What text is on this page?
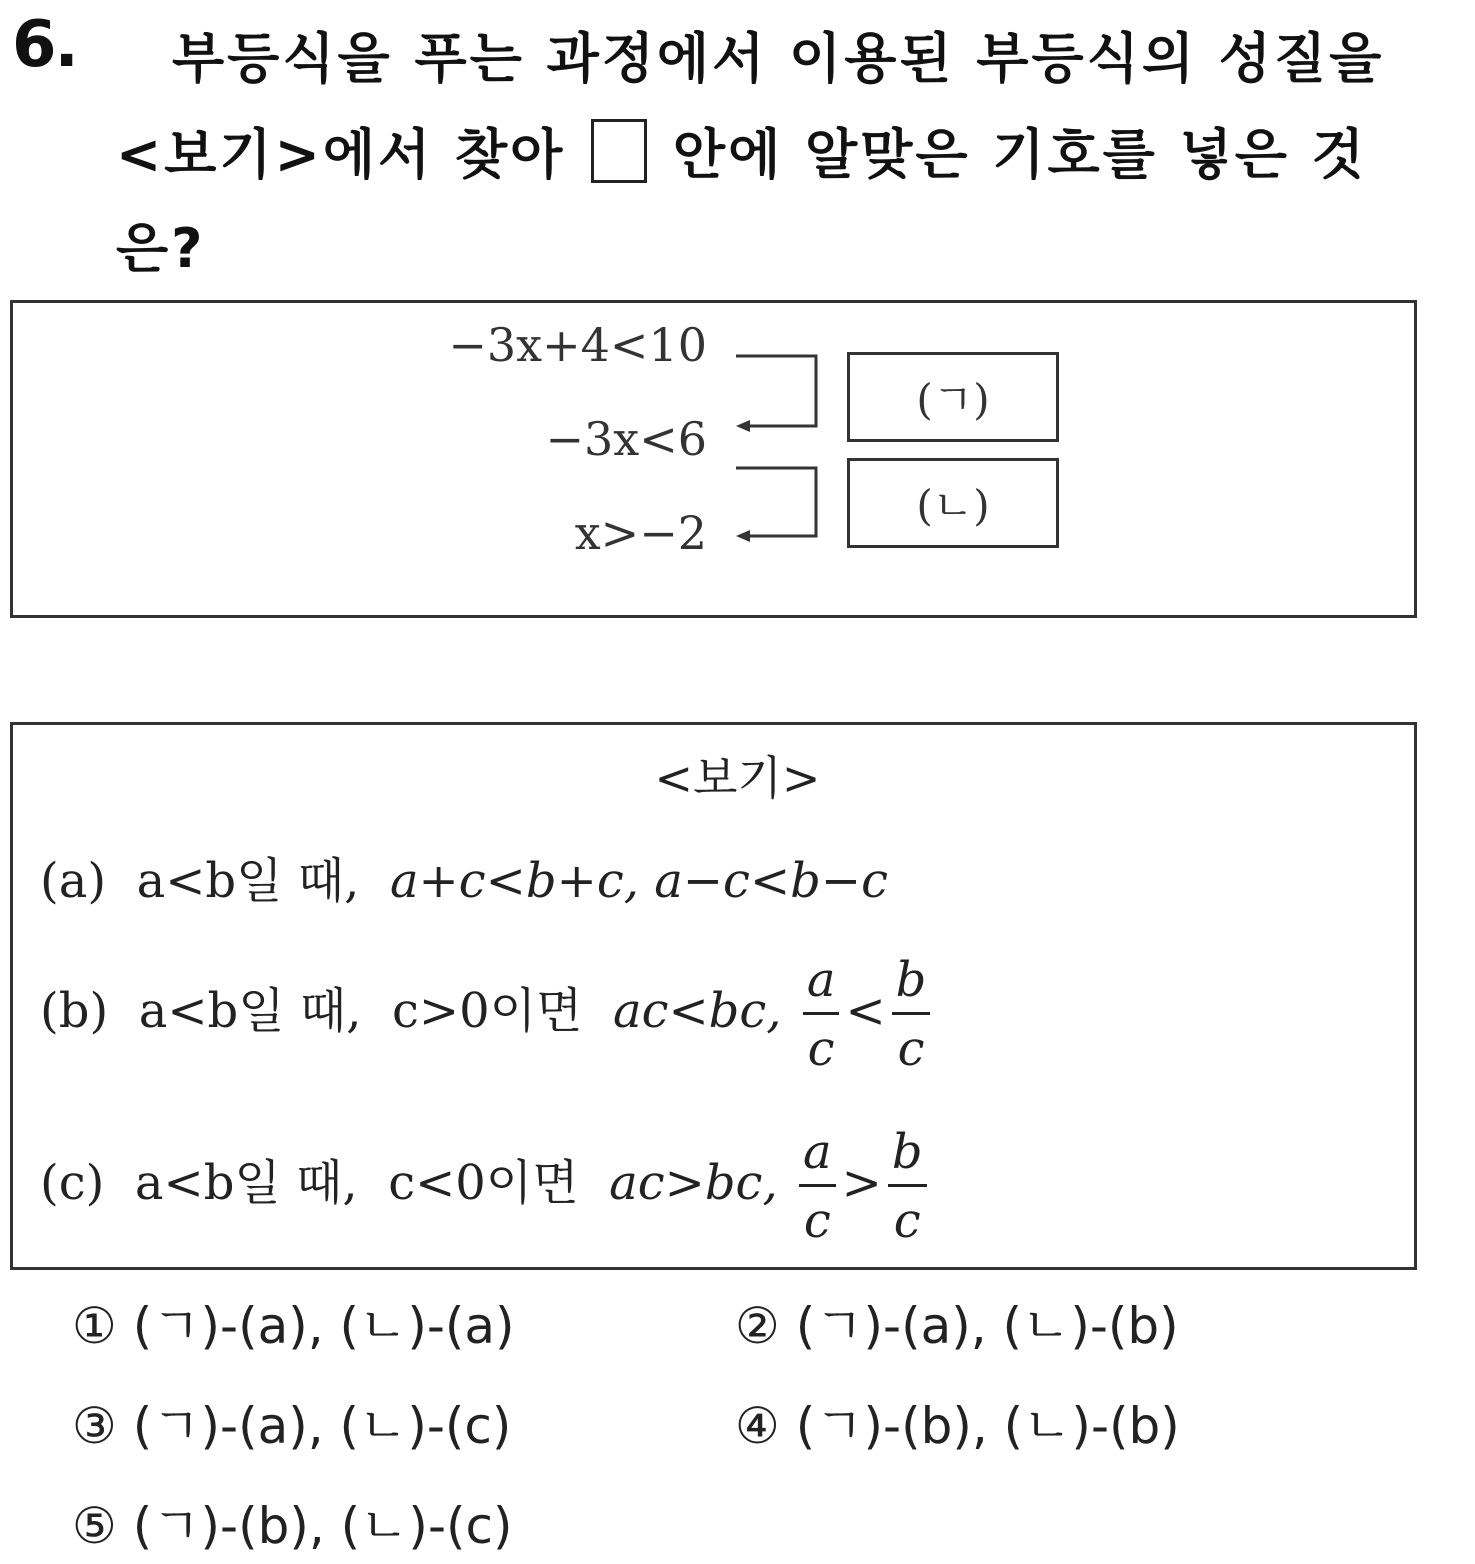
6. 부등식을 푸는 과정에서 이용된 부등식의 성질을
<보기>에서 찾아 안에 알맞은 기호를 넣은 것
은?
−3x+4<10
−3x<6
x>−2
(ㄱ)
(ㄴ)
<보기>
(a) a<b일 때, a+c<b+c, a−c<b−c
(b) a<b일 때, c>0이면 ac<bc, $\frac{a}{c} < \frac{b}{c}$
(c) a<b일 때, c<0이면 ac>bc, $\frac{a}{c} > \frac{b}{c}$
① (ㄱ)-(a), (ㄴ)-(a)	② (ㄱ)-(a), (ㄴ)-(b)
③ (ㄱ)-(a), (ㄴ)-(c)	④ (ㄱ)-(b), (ㄴ)-(b)
⑤ (ㄱ)-(b), (ㄴ)-(c)
